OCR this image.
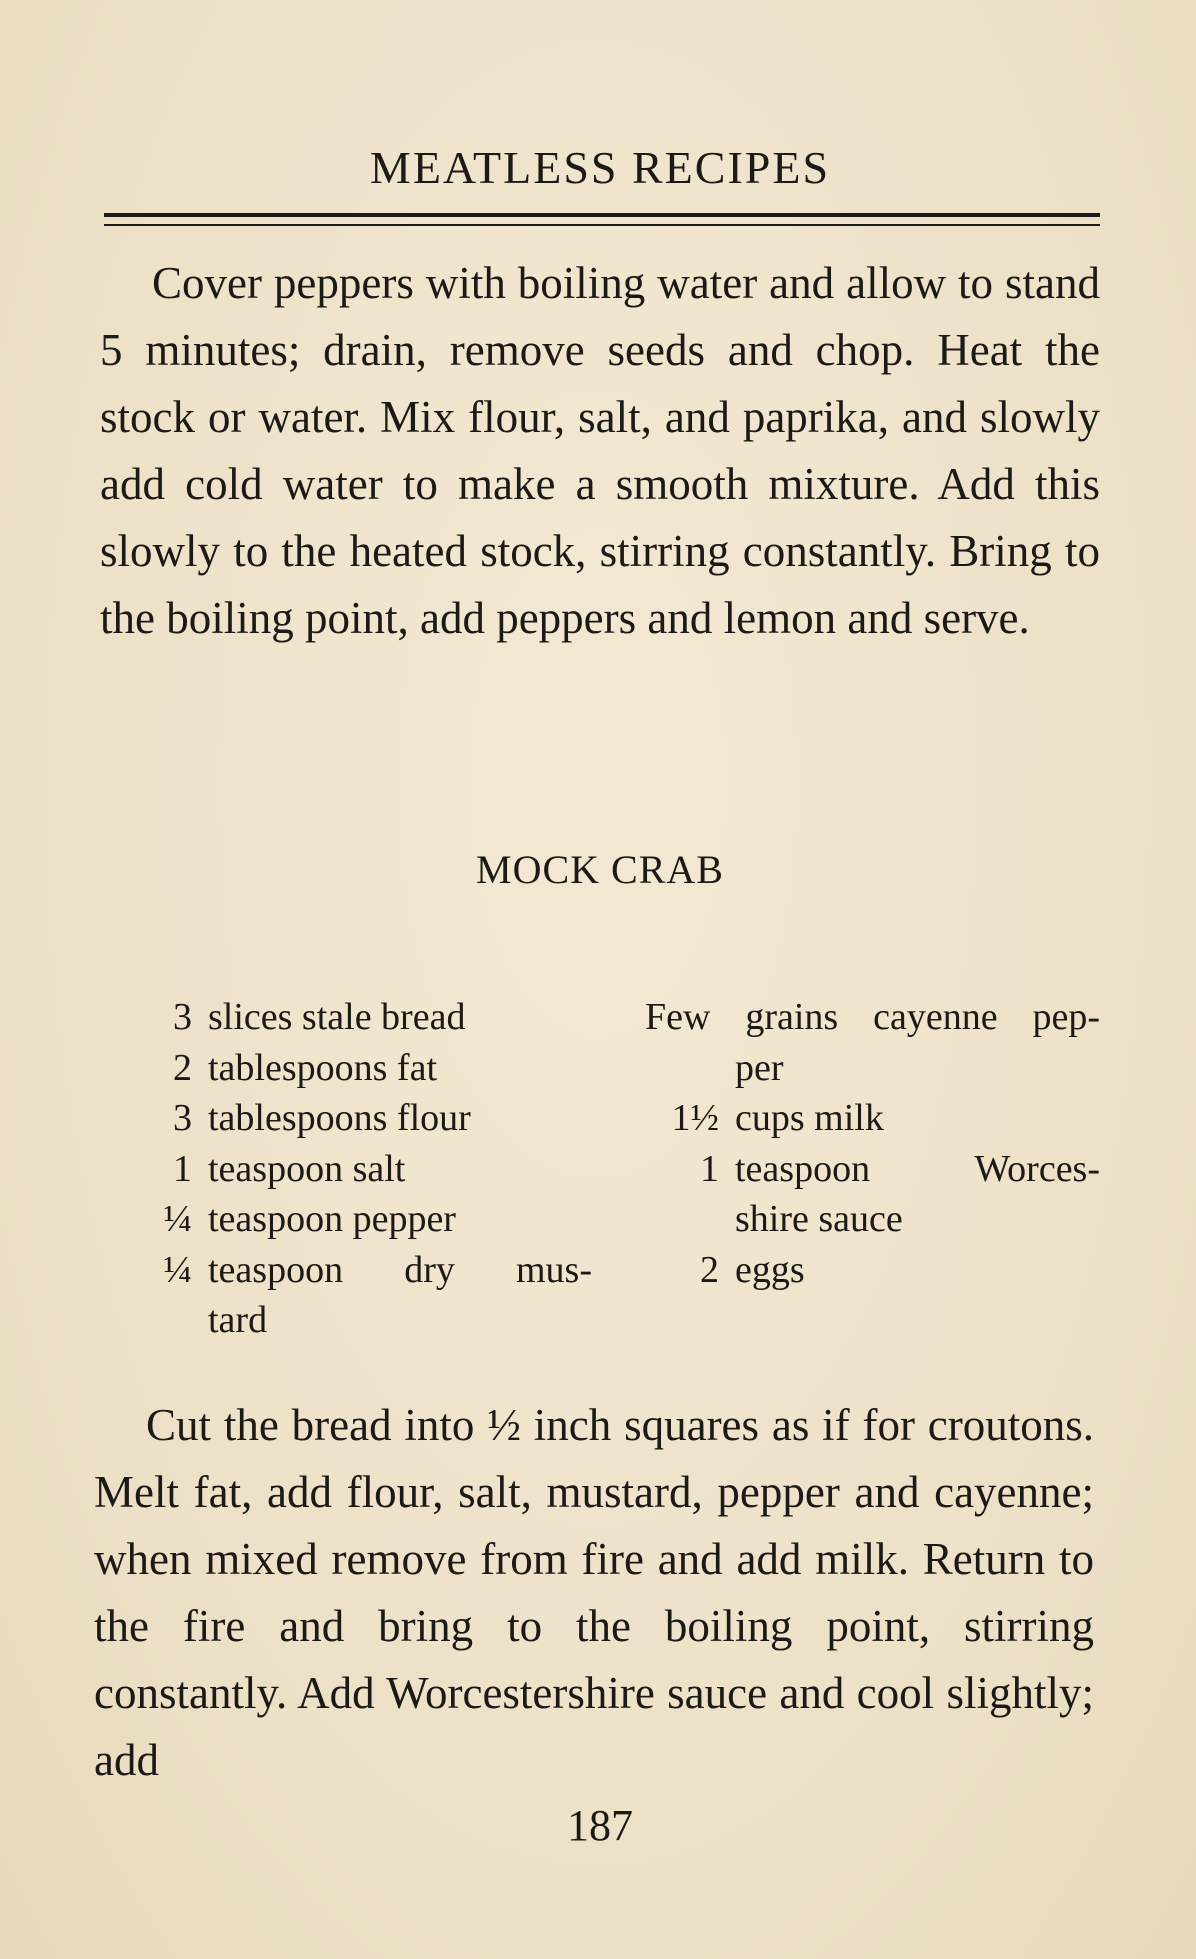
MEATLESS RECIPES

Cover peppers with boiling water and allow to stand 5 minutes; drain, remove seeds and chop. Heat the stock or water. Mix flour, salt, and paprika, and slowly add cold water to make a smooth mixture. Add this slowly to the heated stock, stirring constantly. Bring to the boiling point, add peppers and lemon and serve.

MOCK CRAB
3 slices stale bread
2 tablespoons fat
3 tablespoons flour
1 teaspoon salt
¼ teaspoon pepper
¼ teaspoon dry mus-
tard
Few grains cayenne pep-
per
1½ cups milk
1 teaspoon Worces-
shire sauce
2 eggs

Cut the bread into ½ inch squares as if for croutons. Melt fat, add flour, salt, mustard, pepper and cayenne; when mixed remove from fire and add milk. Return to the fire and bring to the boiling point, stirring constantly. Add Worcestershire sauce and cool slightly; add

187
